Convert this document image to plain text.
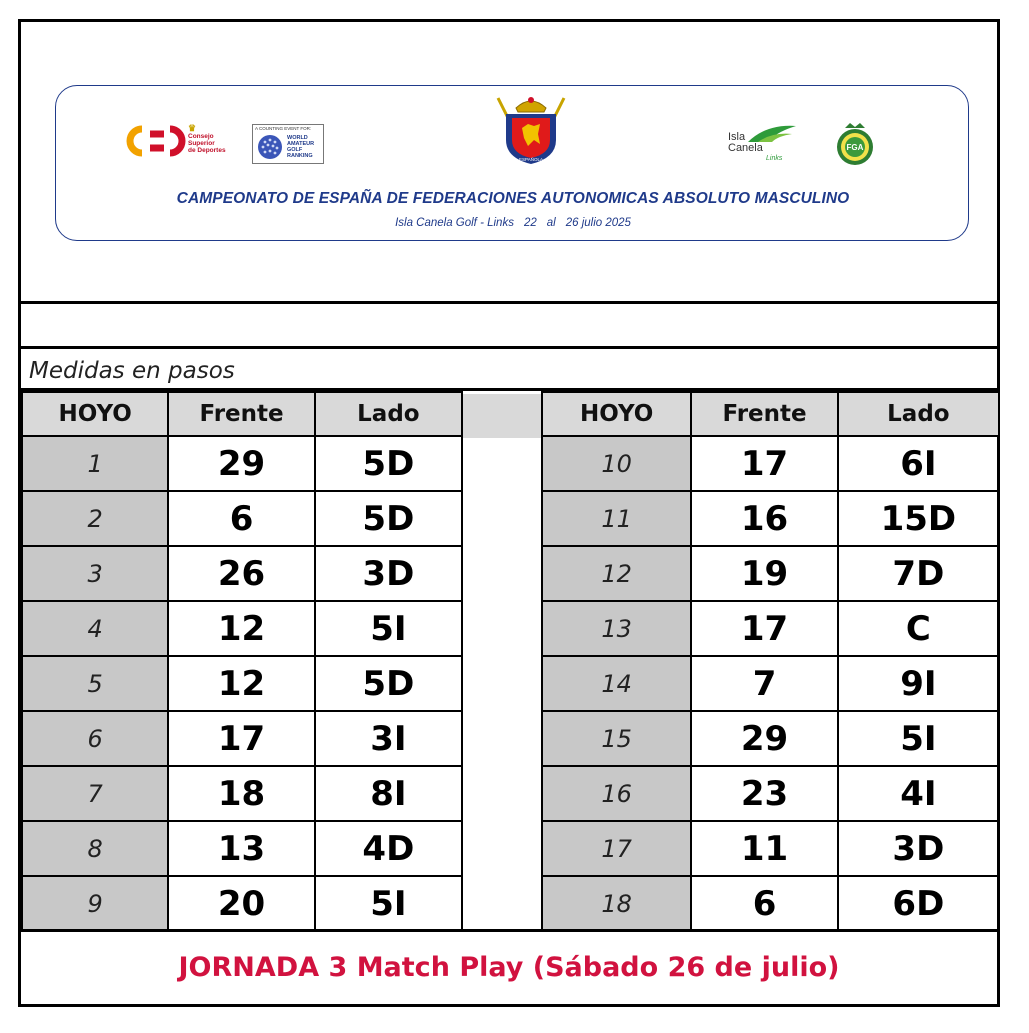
♛
Consejo
Superior
de Deportes
A COUNTING EVENT FOR:
WORLD
AMATEUR
GOLF
RANKING
ESPAÑOLA
Isla
Canela
Links
FGA
CAMPEONATO DE ESPAÑA DE FEDERACIONES AUTONOMICAS ABSOLUTO MASCULINO
Isla Canela Golf - Links 22 al 26 julio 2025
Medidas en pasos
HOYO	Frente	Lado
1	29	5D
2	6	5D
3	26	3D
4	12	5I
5	12	5D
6	17	3I
7	18	8I
8	13	4D
9	20	5I
HOYO	Frente	Lado
10	17	6I
11	16	15D
12	19	7D
13	17	C
14	7	9I
15	29	5I
16	23	4I
17	11	3D
18	6	6D
JORNADA 3 Match Play (Sábado 26 de julio)
